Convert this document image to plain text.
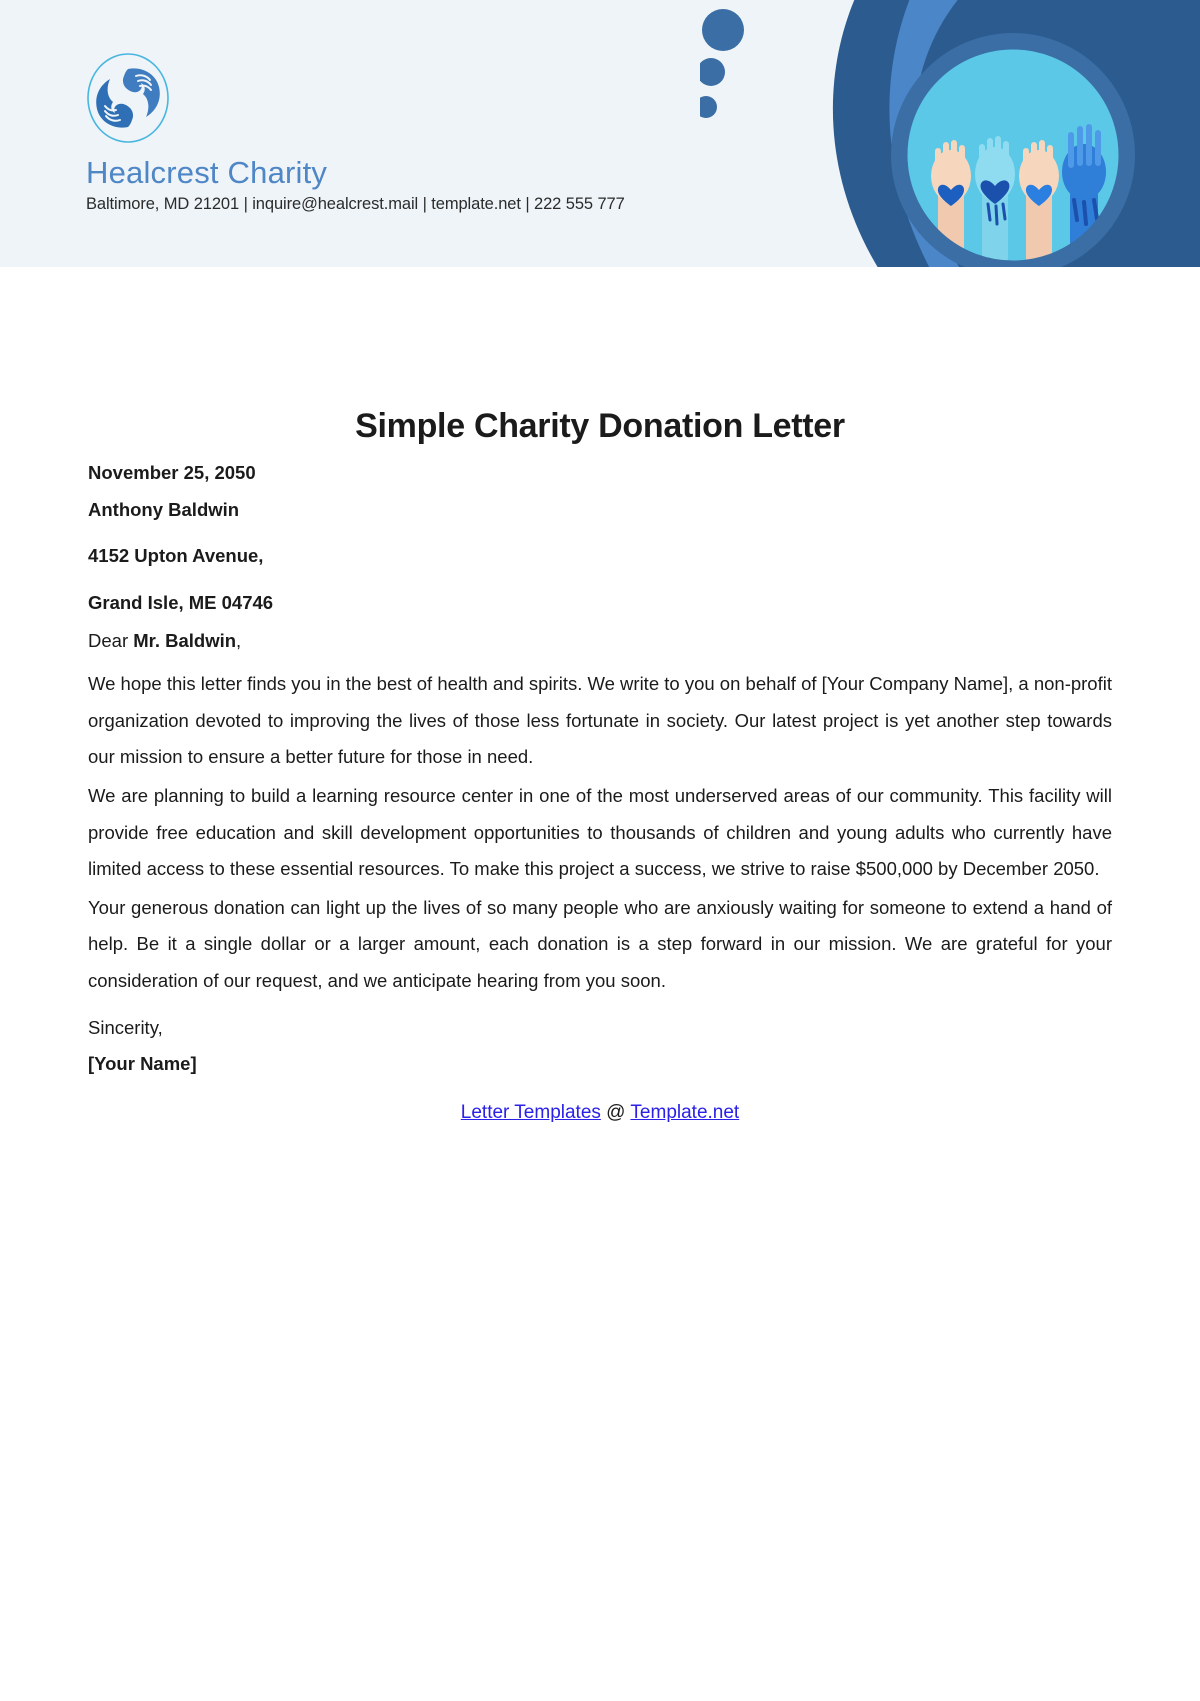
Healcrest Charity
Baltimore, MD 21201 | inquire@healcrest.mail | template.net | 222 555 777
Simple Charity Donation Letter
November 25, 2050
Anthony Baldwin
4152 Upton Avenue,
Grand Isle, ME 04746
Dear Mr. Baldwin,

We hope this letter finds you in the best of health and spirits. We write to you on behalf of [Your Company Name], a non-profit organization devoted to improving the lives of those less fortunate in society. Our latest project is yet another step towards our mission to ensure a better future for those in need.

We are planning to build a learning resource center in one of the most underserved areas of our community. This facility will provide free education and skill development opportunities to thousands of children and young adults who currently have limited access to these essential resources. To make this project a success, we strive to raise $500,000 by December 2050.

Your generous donation can light up the lives of so many people who are anxiously waiting for someone to extend a hand of help. Be it a single dollar or a larger amount, each donation is a step forward in our mission. We are grateful for your consideration of our request, and we anticipate hearing from you soon.

Sincerity,
[Your Name]
Letter Templates @ Template.net
